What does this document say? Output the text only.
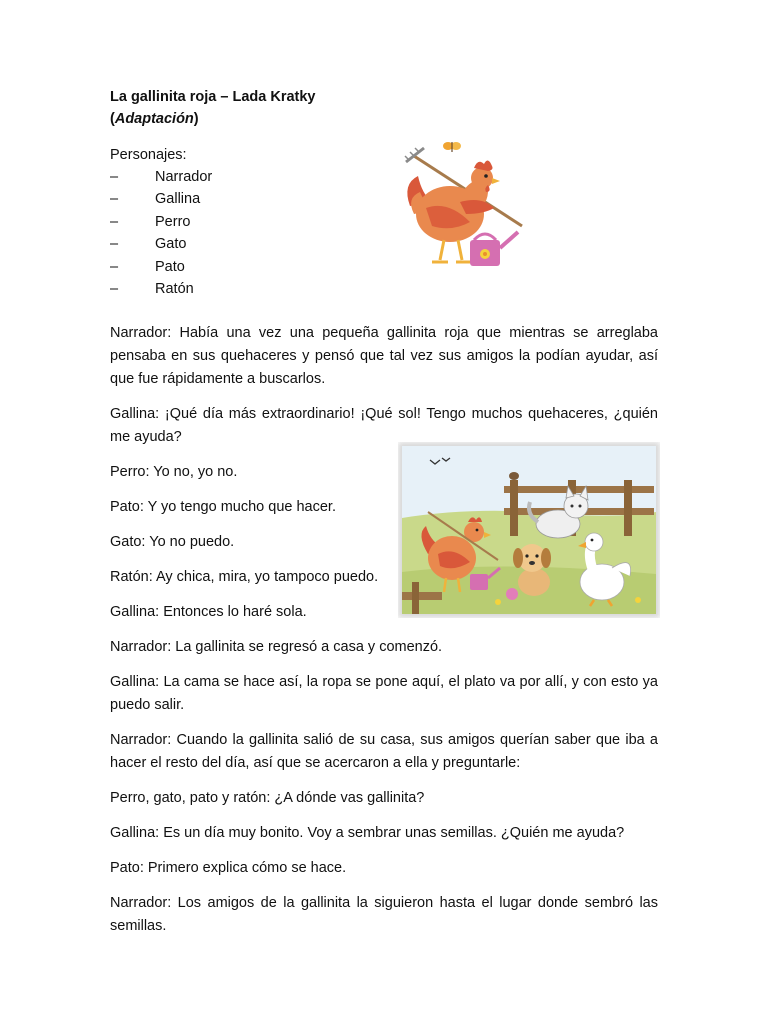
La gallinita roja – Lada Kratky

(Adaptación)

Personajes:
–	Narrador
–	Gallina
–	Perro
–	Gato
–	Pato
–	Ratón

Narrador: Había una vez una pequeña gallinita roja que mientras se arreglaba pensaba en sus quehaceres y pensó que tal vez sus amigos la podían ayudar, así que fue rápidamente a buscarlos.

Gallina: ¡Qué día más extraordinario! ¡Qué sol! Tengo muchos quehaceres, ¿quién me ayuda?

Perro: Yo no, yo no.

Pato: Y yo tengo mucho que hacer.

Gato: Yo no puedo.

Ratón: Ay chica, mira, yo tampoco puedo.

Gallina: Entonces lo haré sola.

Narrador: La gallinita se regresó a casa y comenzó.

Gallina: La cama se hace así, la ropa se pone aquí, el plato va por allí, y con esto ya puedo salir.

Narrador: Cuando la gallinita salió de su casa, sus amigos querían saber que iba a hacer el resto del día, así que se acercaron a ella y preguntarle:

Perro, gato, pato y ratón: ¿A dónde vas gallinita?

Gallina: Es un día muy bonito. Voy a sembrar unas semillas. ¿Quién me ayuda?

Pato: Primero explica cómo se hace.

Narrador: Los amigos de la gallinita la siguieron hasta el lugar donde sembró las semillas.
